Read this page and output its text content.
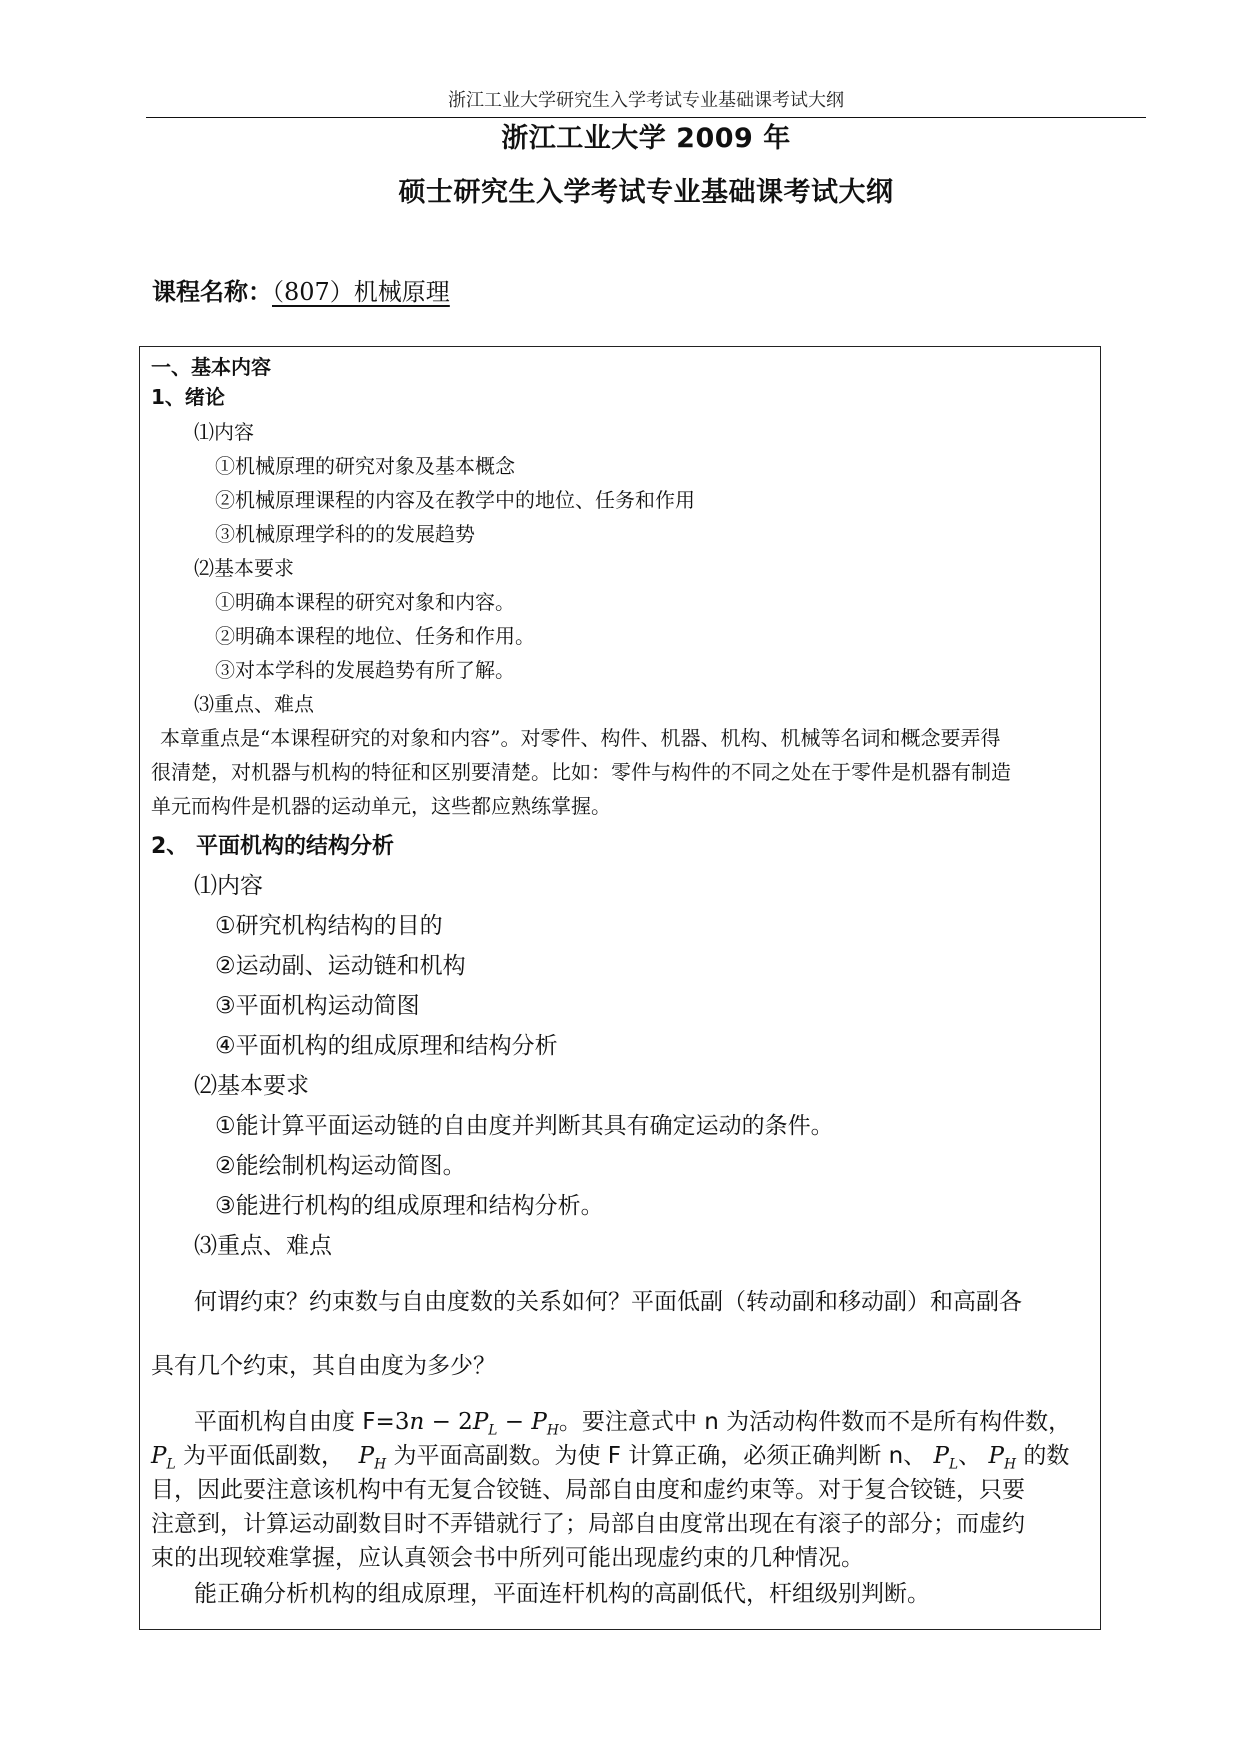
浙江工业大学研究生入学考试专业基础课考试大纲
浙江工业大学 2009 年
硕士研究生入学考试专业基础课考试大纲
课程名称：（807）机械原理
一、基本内容
1、绪论
⑴内容
①机械原理的研究对象及基本概念
②机械原理课程的内容及在教学中的地位、任务和作用
③机械原理学科的的发展趋势
⑵基本要求
①明确本课程的研究对象和内容。
②明确本课程的地位、任务和作用。
③对本学科的发展趋势有所了解。
⑶重点、难点
本章重点是“本课程研究的对象和内容”。对零件、构件、机器、机构、机械等名词和概念要弄得
很清楚，对机器与机构的特征和区别要清楚。比如：零件与构件的不同之处在于零件是机器有制造
单元而构件是机器的运动单元，这些都应熟练掌握。
2、 平面机构的结构分析
⑴内容
①研究机构结构的目的
②运动副、运动链和机构
③平面机构运动简图
④平面机构的组成原理和结构分析
⑵基本要求
①能计算平面运动链的自由度并判断其具有确定运动的条件。
②能绘制机构运动简图。
③能进行机构的组成原理和结构分析。
⑶重点、难点
何谓约束？约束数与自由度数的关系如何？平面低副（转动副和移动副）和高副各
具有几个约束，其自由度为多少？
平面机构自由度 $F=3n - 2P_L - P_H$。要注意式中 n 为活动构件数而不是所有构件数，
$P_L$ 为平面低副数， $P_H$ 为平面高副数。为使 F 计算正确，必须正确判断 n、 $P_L$、 $P_H$ 的数
目，因此要注意该机构中有无复合铰链、局部自由度和虚约束等。对于复合铰链，只要
注意到，计算运动副数目时不弄错就行了；局部自由度常出现在有滚子的部分；而虚约
束的出现较难掌握，应认真领会书中所列可能出现虚约束的几种情况。
能正确分析机构的组成原理，平面连杆机构的高副低代，杆组级别判断。
